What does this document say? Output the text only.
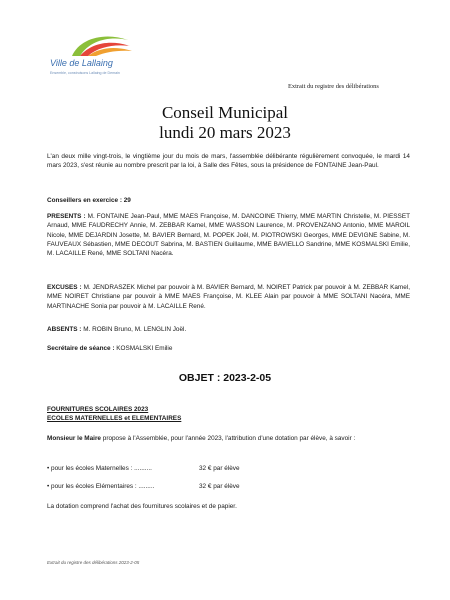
Ville de Lallaing
Ensemble, construisons Lallaing de Demain
Extrait du registre des délibérations

Conseil Municipal

lundi 20 mars 2023

L'an deux mille vingt-trois, le vingtième jour du mois de mars, l'assemblée délibérante régulièrement convoquée, le mardi 14 mars 2023, s'est réunie au nombre prescrit par la loi, à Salle des Fêtes, sous la présidence de FONTAINE Jean-Paul.
Conseillers en exercice : 29
PRESENTS : M. FONTAINE Jean-Paul, MME MAES Françoise, M. DANCOINE Thierry, MME MARTIN Christelle, M. PIESSET Arnaud, MME FAUDRECHY Annie, M. ZEBBAR Kamel, MME WASSON Laurence, M. PROVENZANO Antonio, MME MAROIL Nicole, MME DEJARDIN Josette, M. BAVIER Bernard, M. POPEK Joël, M. PIOTROWSKI Georges, MME DEVIGNE Sabine, M. FAUVEAUX Sébastien, MME DECOUT Sabrina, M. BASTIEN Guillaume, MME BAVIELLO Sandrine, MME KOSMALSKI Emilie, M. LACAILLE René, MME SOLTANI Nacéra.
EXCUSES : M. JENDRASZEK Michel par pouvoir à M. BAVIER Bernard, M. NOIRET Patrick par pouvoir à M. ZEBBAR Kamel, MME NOIRET Christiane par pouvoir à MME MAES Françoise, M. KLEE Alain par pouvoir à MME SOLTANI Nacéra, MME MARTINACHE Sonia par pouvoir à M. LACAILLE René.
ABSENTS : M. ROBIN Bruno, M. LENGLIN Joël.
Secrétaire de séance : KOSMALSKI Emilie
OBJET : 2023-2-05
FOURNITURES SCOLAIRES 2023
ECOLES MATERNELLES et ELEMENTAIRES
Monsieur le Maire propose à l'Assemblée, pour l'année 2023, l'attribution d'une dotation par élève, à savoir :
• pour les écoles Maternelles : ..........	32 € par élève
• pour les écoles Elémentaires : .........	32 € par élève
La dotation comprend l'achat des fournitures scolaires et de papier.
Extrait du registre des délibérations 2023-2-05
